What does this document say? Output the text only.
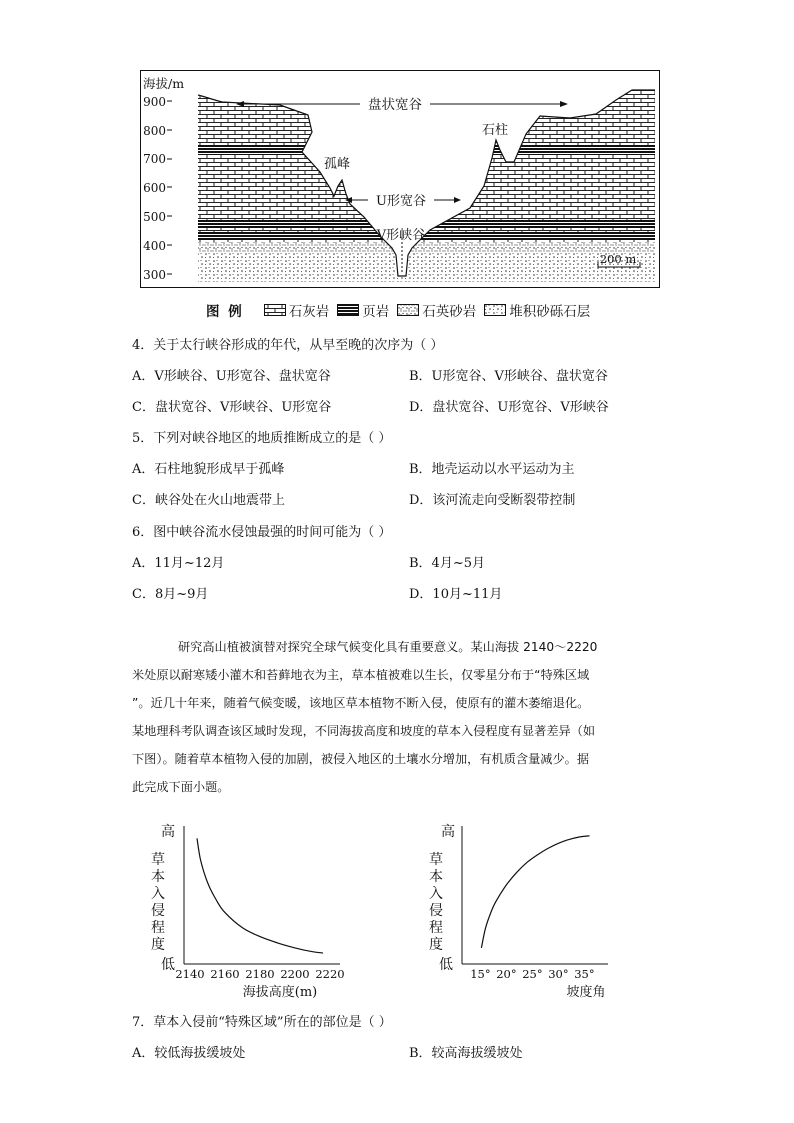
海拔/m
900
800
700
600
500
400
300
盘状宽谷
石柱
孤峰
U形宽谷
V形峡谷
200 m
图 例	石灰岩 页岩 石英砂岩 堆积砂砾石层
4．关于太行峡谷形成的年代，从早至晚的次序为（ ）
A．V形峡谷、U形宽谷、盘状宽谷	B．U形宽谷、V形峡谷、盘状宽谷
C．盘状宽谷、V形峡谷、U形宽谷	D．盘状宽谷、U形宽谷、V形峡谷
5．下列对峡谷地区的地质推断成立的是（ ）
A．石柱地貌形成早于孤峰	B．地壳运动以水平运动为主
C．峡谷处在火山地震带上	D．该河流走向受断裂带控制
6．图中峡谷流水侵蚀最强的时间可能为（ ）
A．11月~12月	B．4月~5月
C．8月~9月	D．10月~11月
研究高山植被演替对探究全球气候变化具有重要意义。某山海拔 2140～2220
米处原以耐寒矮小灌木和苔藓地衣为主，草本植被难以生长，仅零星分布于“特殊区域
”。近几十年来，随着气候变暖，该地区草本植物不断入侵，使原有的灌木萎缩退化。
某地理科考队调查该区域时发现，不同海拔高度和坡度的草本入侵程度有显著差异（如
下图）。随着草本植物入侵的加剧，被侵入地区的土壤水分增加，有机质含量减少。据
此完成下面小题。
高
低
草本入侵程度
2140 2160 2180 2200 2220
海拔高度(m)
高
低
草本入侵程度
15° 20° 25° 30° 35°
坡度角
7．草本入侵前“特殊区域”所在的部位是（ ）
A．较低海拔缓坡处	B．较高海拔缓坡处
